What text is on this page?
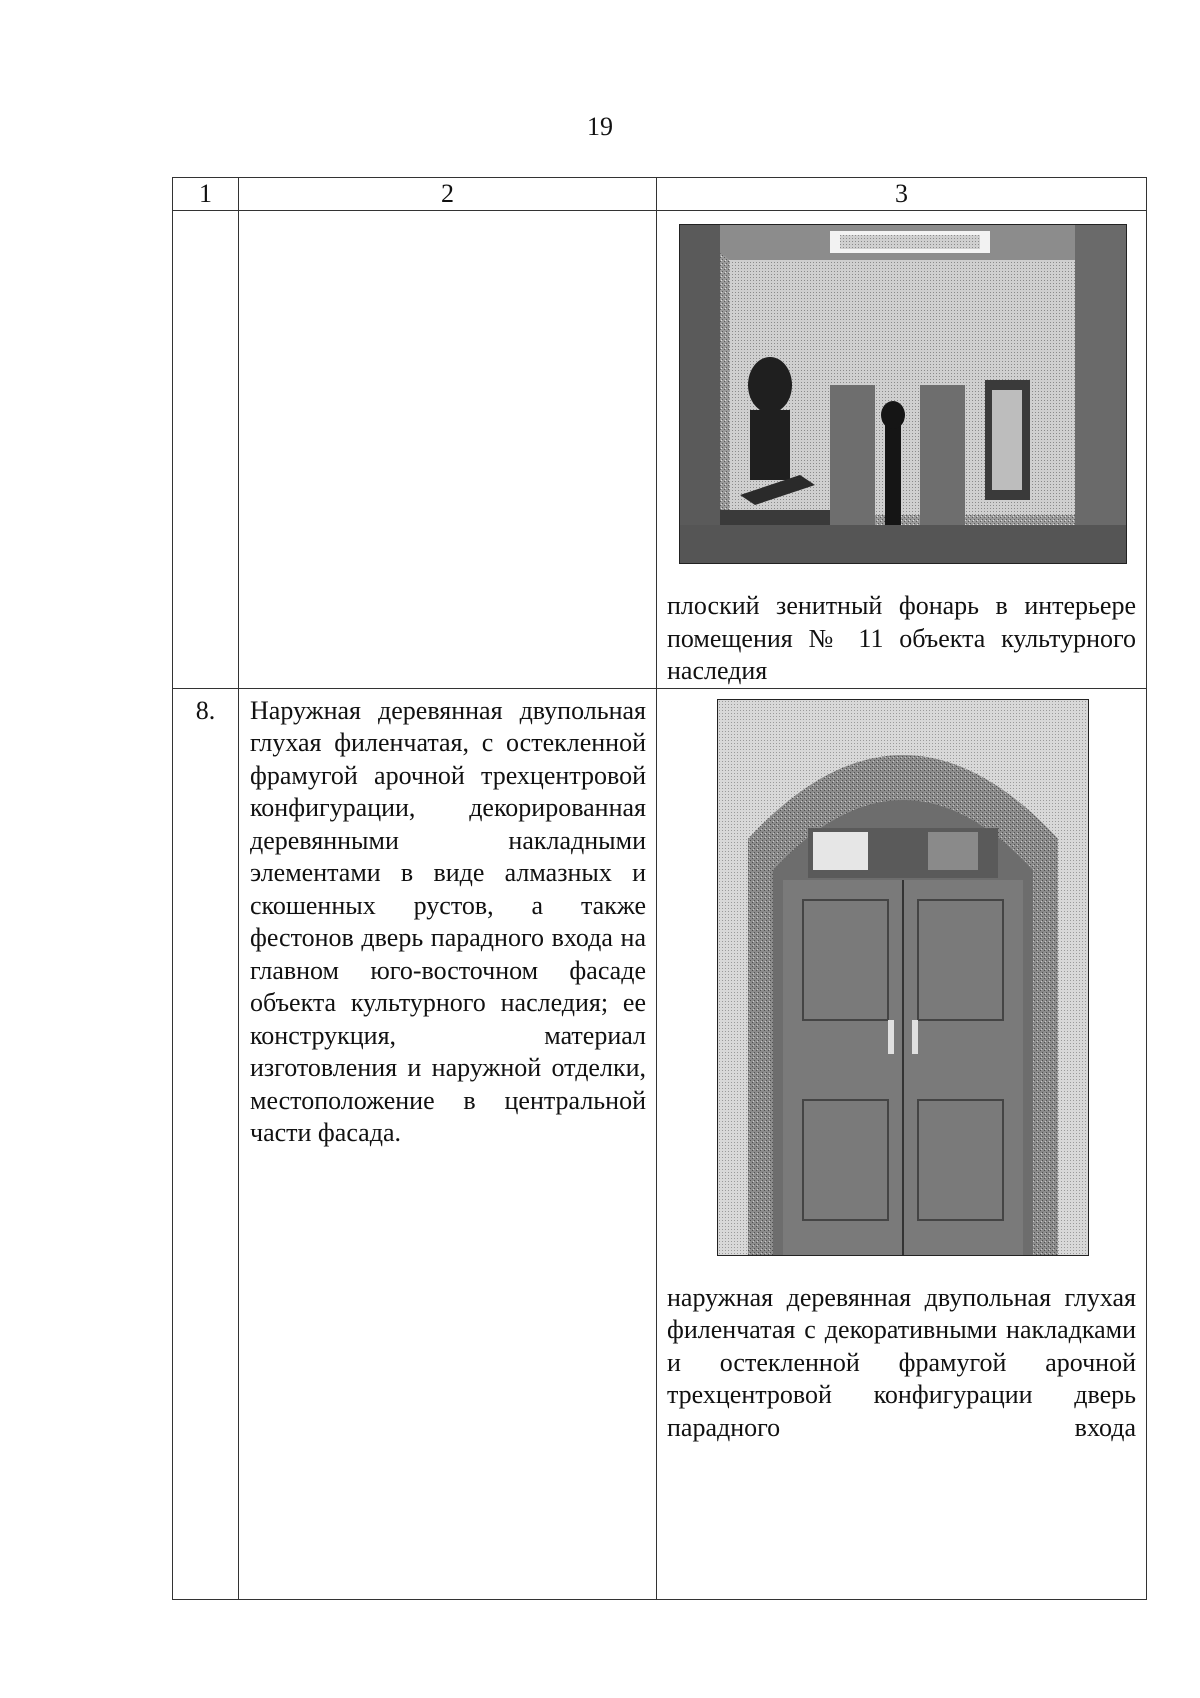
19
1	2	3

		плоский зенитный фонарь в интерьере помещения № 11 объекта культурного наследия

8.	Наружная деревянная двупольная глухая филенчатая, с остекленной фрамугой арочной трехцентровой конфигурации, декорированная деревянными накладными элементами в виде алмазных и скошенных рустов, а также фестонов дверь парадного входа на главном юго-восточном фасаде объекта культурного наследия; ее конструкция, материал изготовления и наружной отделки, местоположение в центральной части фасада.	наружная деревянная двупольная глухая филенчатая с декоративными накладками и остекленной фрамугой арочной трехцентровой конфигурации дверь парадного входа
